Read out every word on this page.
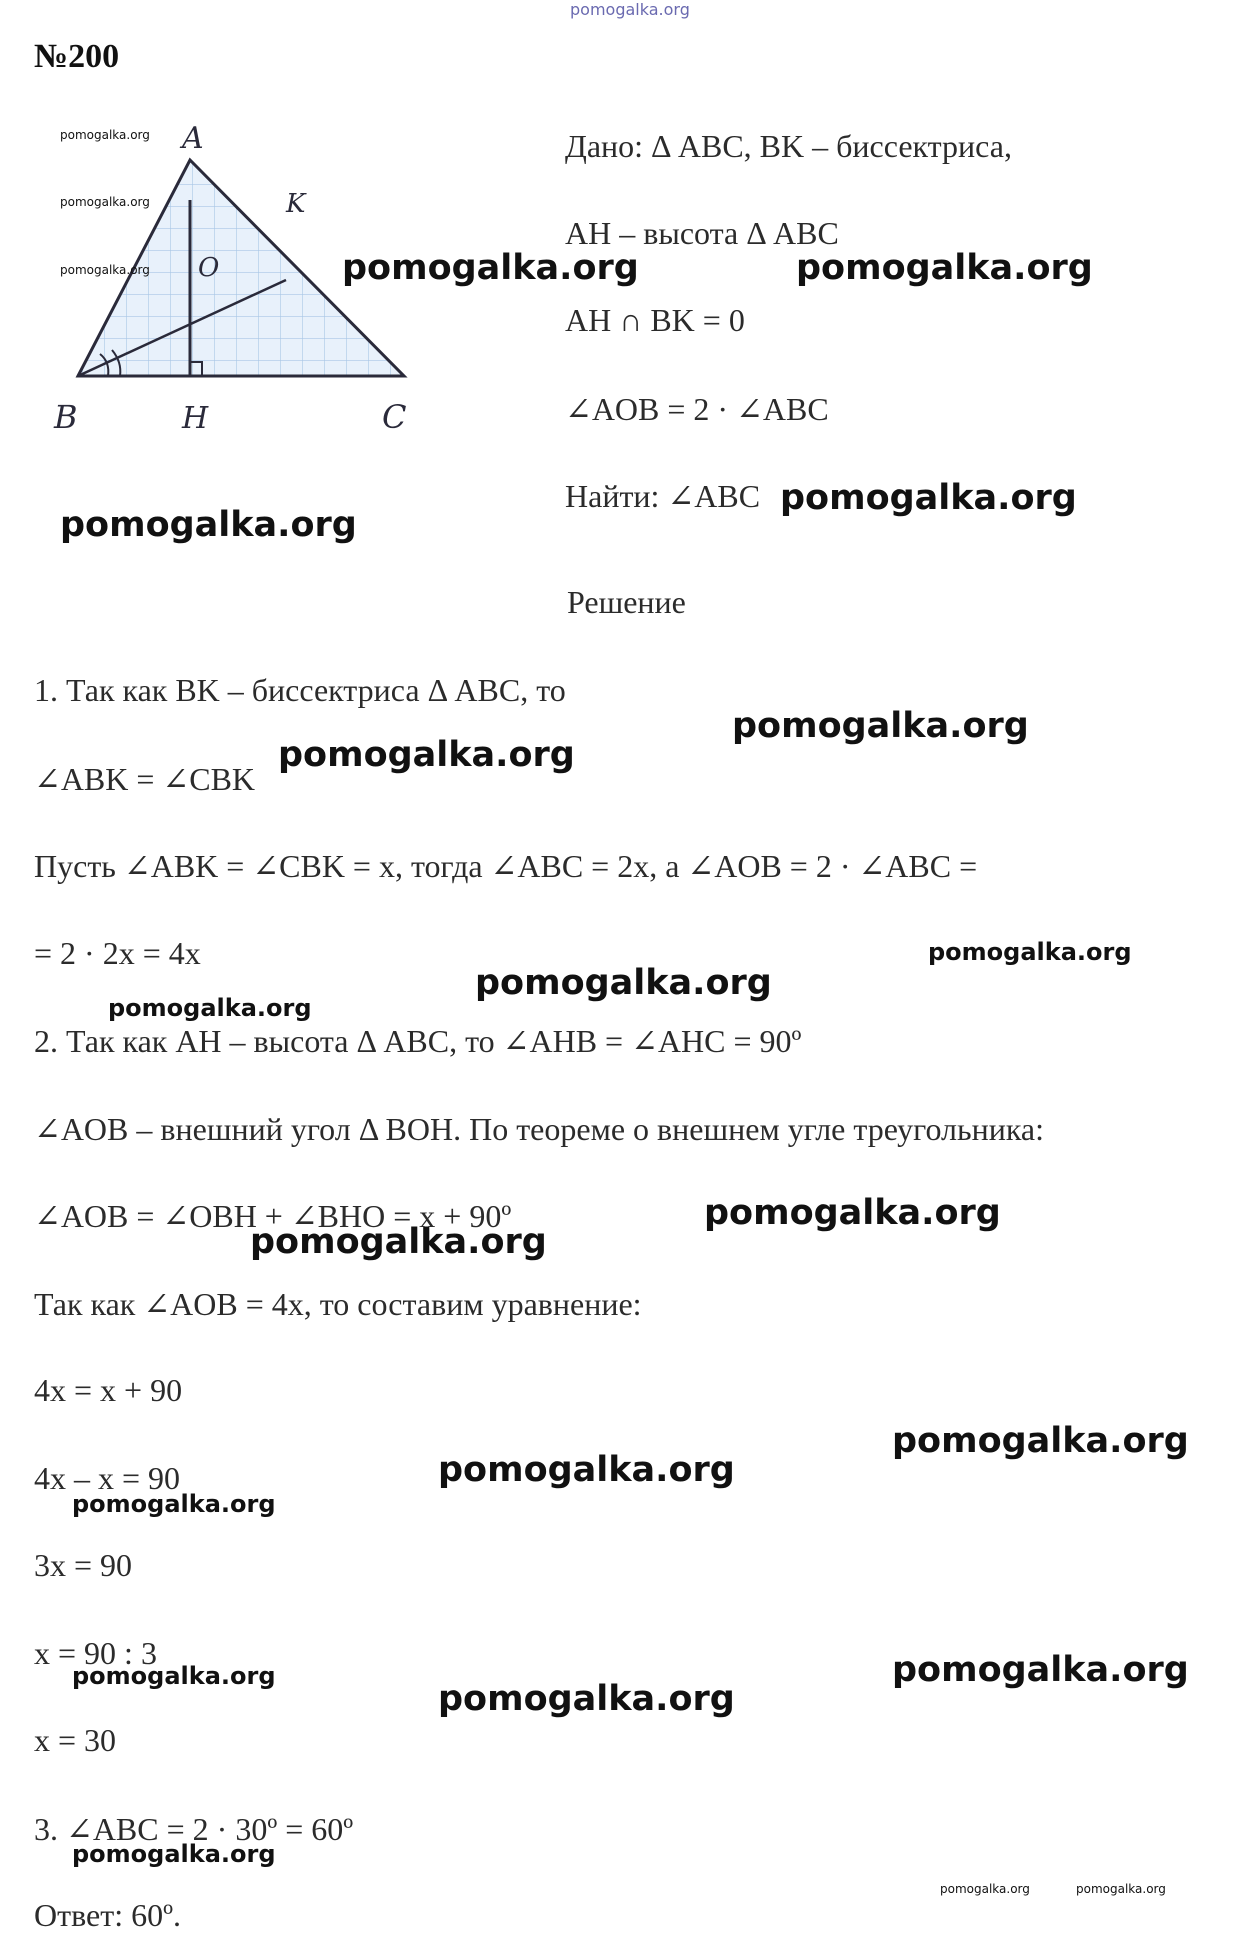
pomogalka.org
№200
A
K
O
B	H	C
pomogalka.org
pomogalka.org
pomogalka.org
Дано: Δ ABC, BK – биссектриса,
AH – высота Δ ABC
AH ∩ BK = 0
∠AOB = 2 · ∠ABC
Найти: ∠ABC
Решение
1. Так как BK – биссектриса Δ ABC, то
∠ABK = ∠CBK
Пусть ∠ABK = ∠CBK = x, тогда ∠ABC = 2x, а ∠AOB = 2 · ∠ABC =
= 2 · 2x = 4x
2. Так как AH – высота Δ ABC, то ∠AHB = ∠AHC = 90º
∠AOB – внешний угол Δ BOH. По теореме о внешнем угле треугольника:
∠AOB = ∠OBH + ∠BHO = x + 90º
Так как ∠AOB = 4x, то составим уравнение:
4x = x + 90
4x – x = 90
3x = 90
x = 90 : 3
x = 30
3. ∠ABC = 2 · 30º = 60º
Ответ: 60º.
pomogalka.org	pomogalka.org
pomogalka.org
pomogalka.org
pomogalka.org
pomogalka.org
pomogalka.org
pomogalka.org
pomogalka.org
pomogalka.org
pomogalka.org
pomogalka.org
pomogalka.org
pomogalka.org
pomogalka.org
pomogalka.org
pomogalka.org
pomogalka.org
pomogalka.org	pomogalka.org
